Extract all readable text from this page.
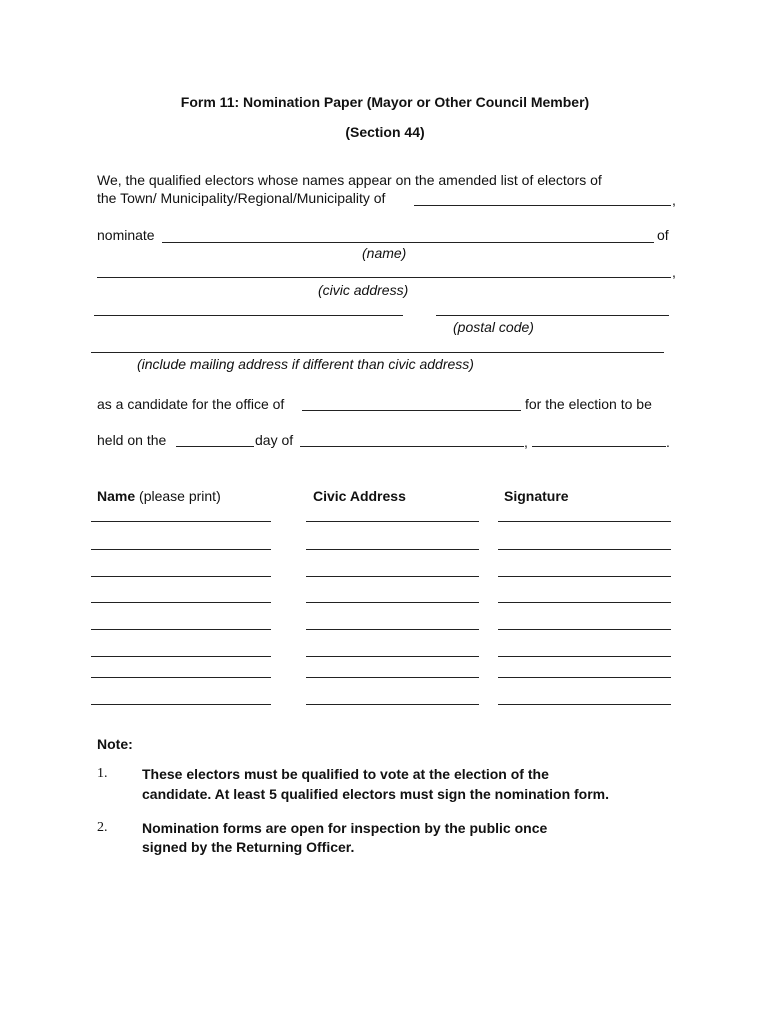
Form 11: Nomination Paper (Mayor or Other Council Member)
(Section 44)
We, the qualified electors whose names appear on the amended list of electors of
the Town/ Municipality/Regional/Municipality of	,
nominate	of
(name)
,
(civic address)
(postal code)
(include mailing address if different than civic address)
as a candidate for the office of	for the election to be
held on the	day of	,	.
Name (please print)	Civic Address	Signature
Note:
1. These electors must be qualified to vote at the election of the
candidate. At least 5 qualified electors must sign the nomination form.
2. Nomination forms are open for inspection by the public once
signed by the Returning Officer.
